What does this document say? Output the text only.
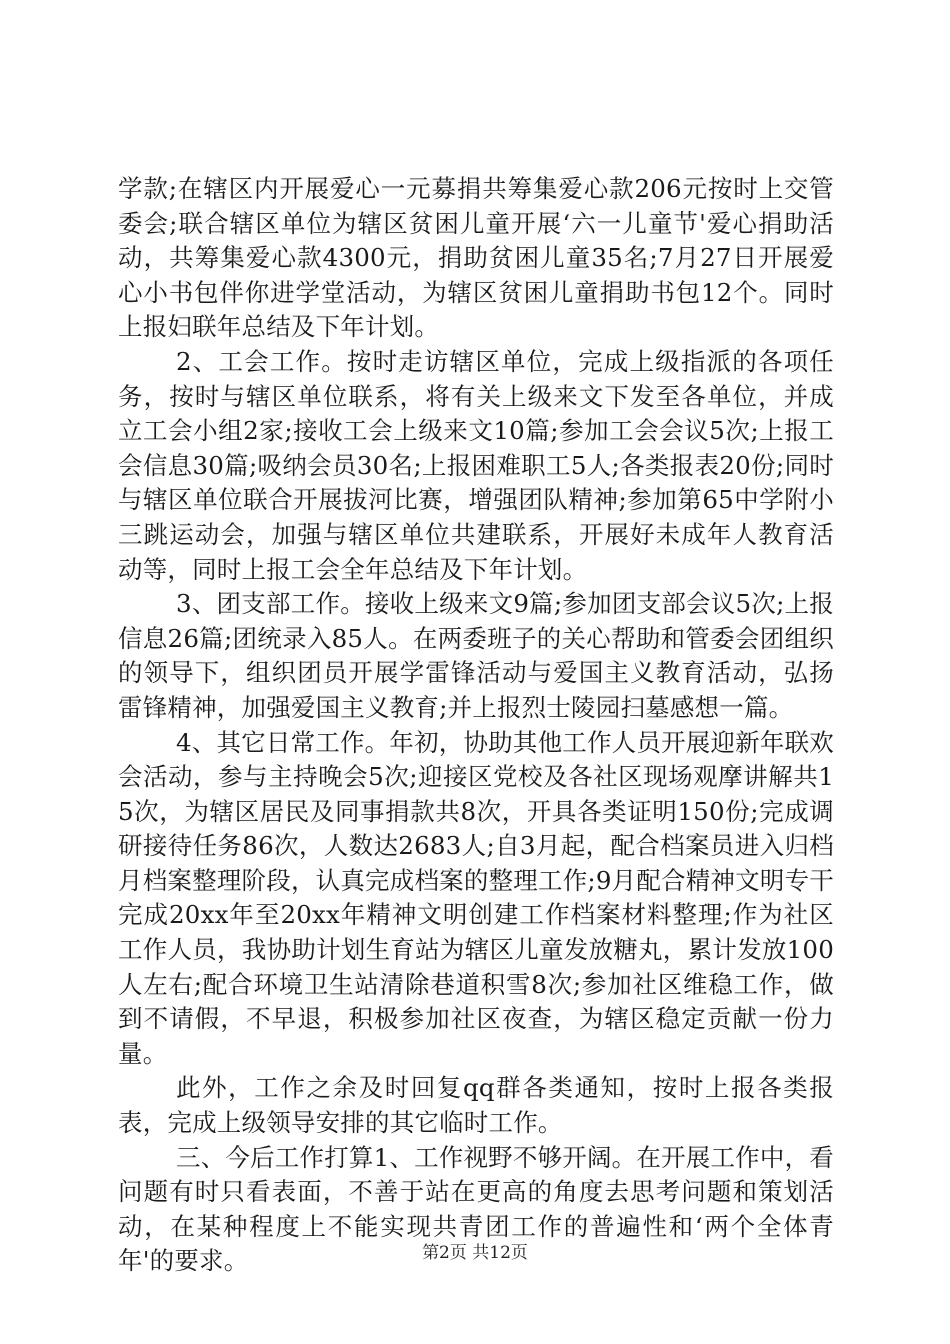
学款;在辖区内开展爱心一元募捐共筹集爱心款206元按时上交管委会;联合辖区单位为辖区贫困儿童开展‘六一儿童节'爱心捐助活动，共筹集爱心款4300元，捐助贫困儿童35名;7月27日开展爱心小书包伴你进学堂活动，为辖区贫困儿童捐助书包12个。同时上报妇联年总结及下年计划。

2、工会工作。按时走访辖区单位，完成上级指派的各项任务，按时与辖区单位联系，将有关上级来文下发至各单位，并成立工会小组2家;接收工会上级来文10篇;参加工会会议5次;上报工会信息30篇;吸纳会员30名;上报困难职工5人;各类报表20份;同时与辖区单位联合开展拔河比赛，增强团队精神;参加第65中学附小三跳运动会，加强与辖区单位共建联系，开展好未成年人教育活动等，同时上报工会全年总结及下年计划。

3、团支部工作。接收上级来文9篇;参加团支部会议5次;上报信息26篇;团统录入85人。在两委班子的关心帮助和管委会团组织的领导下，组织团员开展学雷锋活动与爱国主义教育活动，弘扬雷锋精神，加强爱国主义教育;并上报烈士陵园扫墓感想一篇。

4、其它日常工作。年初，协助其他工作人员开展迎新年联欢会活动，参与主持晚会5次;迎接区党校及各社区现场观摩讲解共15次，为辖区居民及同事捐款共8次，开具各类证明150份;完成调研接待任务86次，人数达2683人;自3月起，配合档案员进入归档月档案整理阶段，认真完成档案的整理工作;9月配合精神文明专干完成20xx年至20xx年精神文明创建工作档案材料整理;作为社区工作人员，我协助计划生育站为辖区儿童发放糖丸，累计发放100人左右;配合环境卫生站清除巷道积雪8次;参加社区维稳工作，做到不请假，不早退，积极参加社区夜查，为辖区稳定贡献一份力量。

此外，工作之余及时回复qq群各类通知，按时上报各类报表，完成上级领导安排的其它临时工作。

三、今后工作打算1、工作视野不够开阔。在开展工作中，看问题有时只看表面，不善于站在更高的角度去思考问题和策划活动，在某种程度上不能实现共青团工作的普遍性和‘两个全体青年'的要求。	第2页 共12页
